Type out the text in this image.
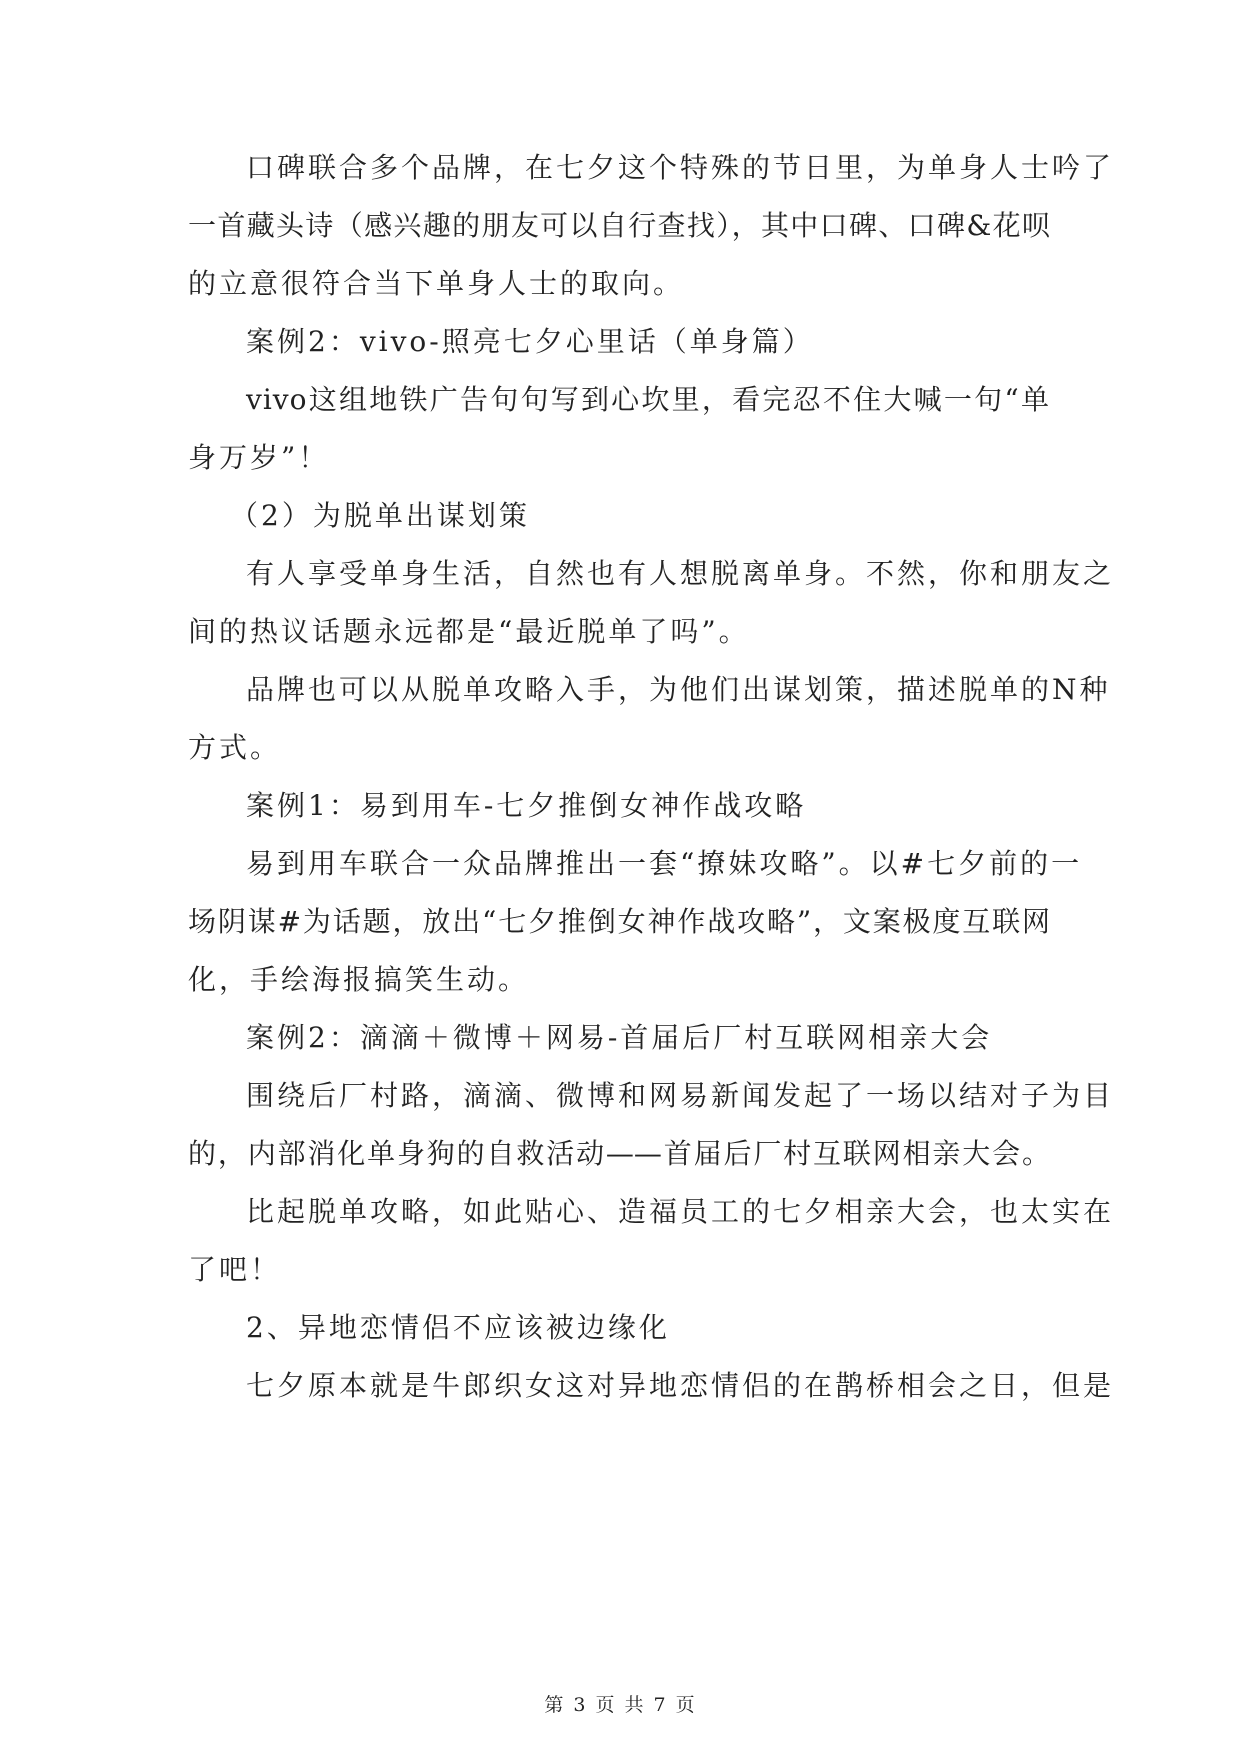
口碑联合多个品牌，在七夕这个特殊的节日里，为单身人士吟了
一首藏头诗（感兴趣的朋友可以自行查找），其中口碑、口碑&花呗
的立意很符合当下单身人士的取向。
案例2：vivo-照亮七夕心里话（单身篇）
vivo这组地铁广告句句写到心坎里，看完忍不住大喊一句“单
身万岁”！
（2）为脱单出谋划策
有人享受单身生活，自然也有人想脱离单身。不然，你和朋友之
间的热议话题永远都是“最近脱单了吗”。
品牌也可以从脱单攻略入手，为他们出谋划策，描述脱单的N种
方式。
案例1：易到用车-七夕推倒女神作战攻略
易到用车联合一众品牌推出一套“撩妹攻略”。以#七夕前的一
场阴谋#为话题，放出“七夕推倒女神作战攻略”，文案极度互联网
化，手绘海报搞笑生动。
案例2：滴滴＋微博＋网易-首届后厂村互联网相亲大会
围绕后厂村路，滴滴、微博和网易新闻发起了一场以结对子为目
的，内部消化单身狗的自救活动——首届后厂村互联网相亲大会。
比起脱单攻略，如此贴心、造福员工的七夕相亲大会，也太实在
了吧！
2、异地恋情侣不应该被边缘化
七夕原本就是牛郎织女这对异地恋情侣的在鹊桥相会之日，但是
第 3 页 共 7 页
